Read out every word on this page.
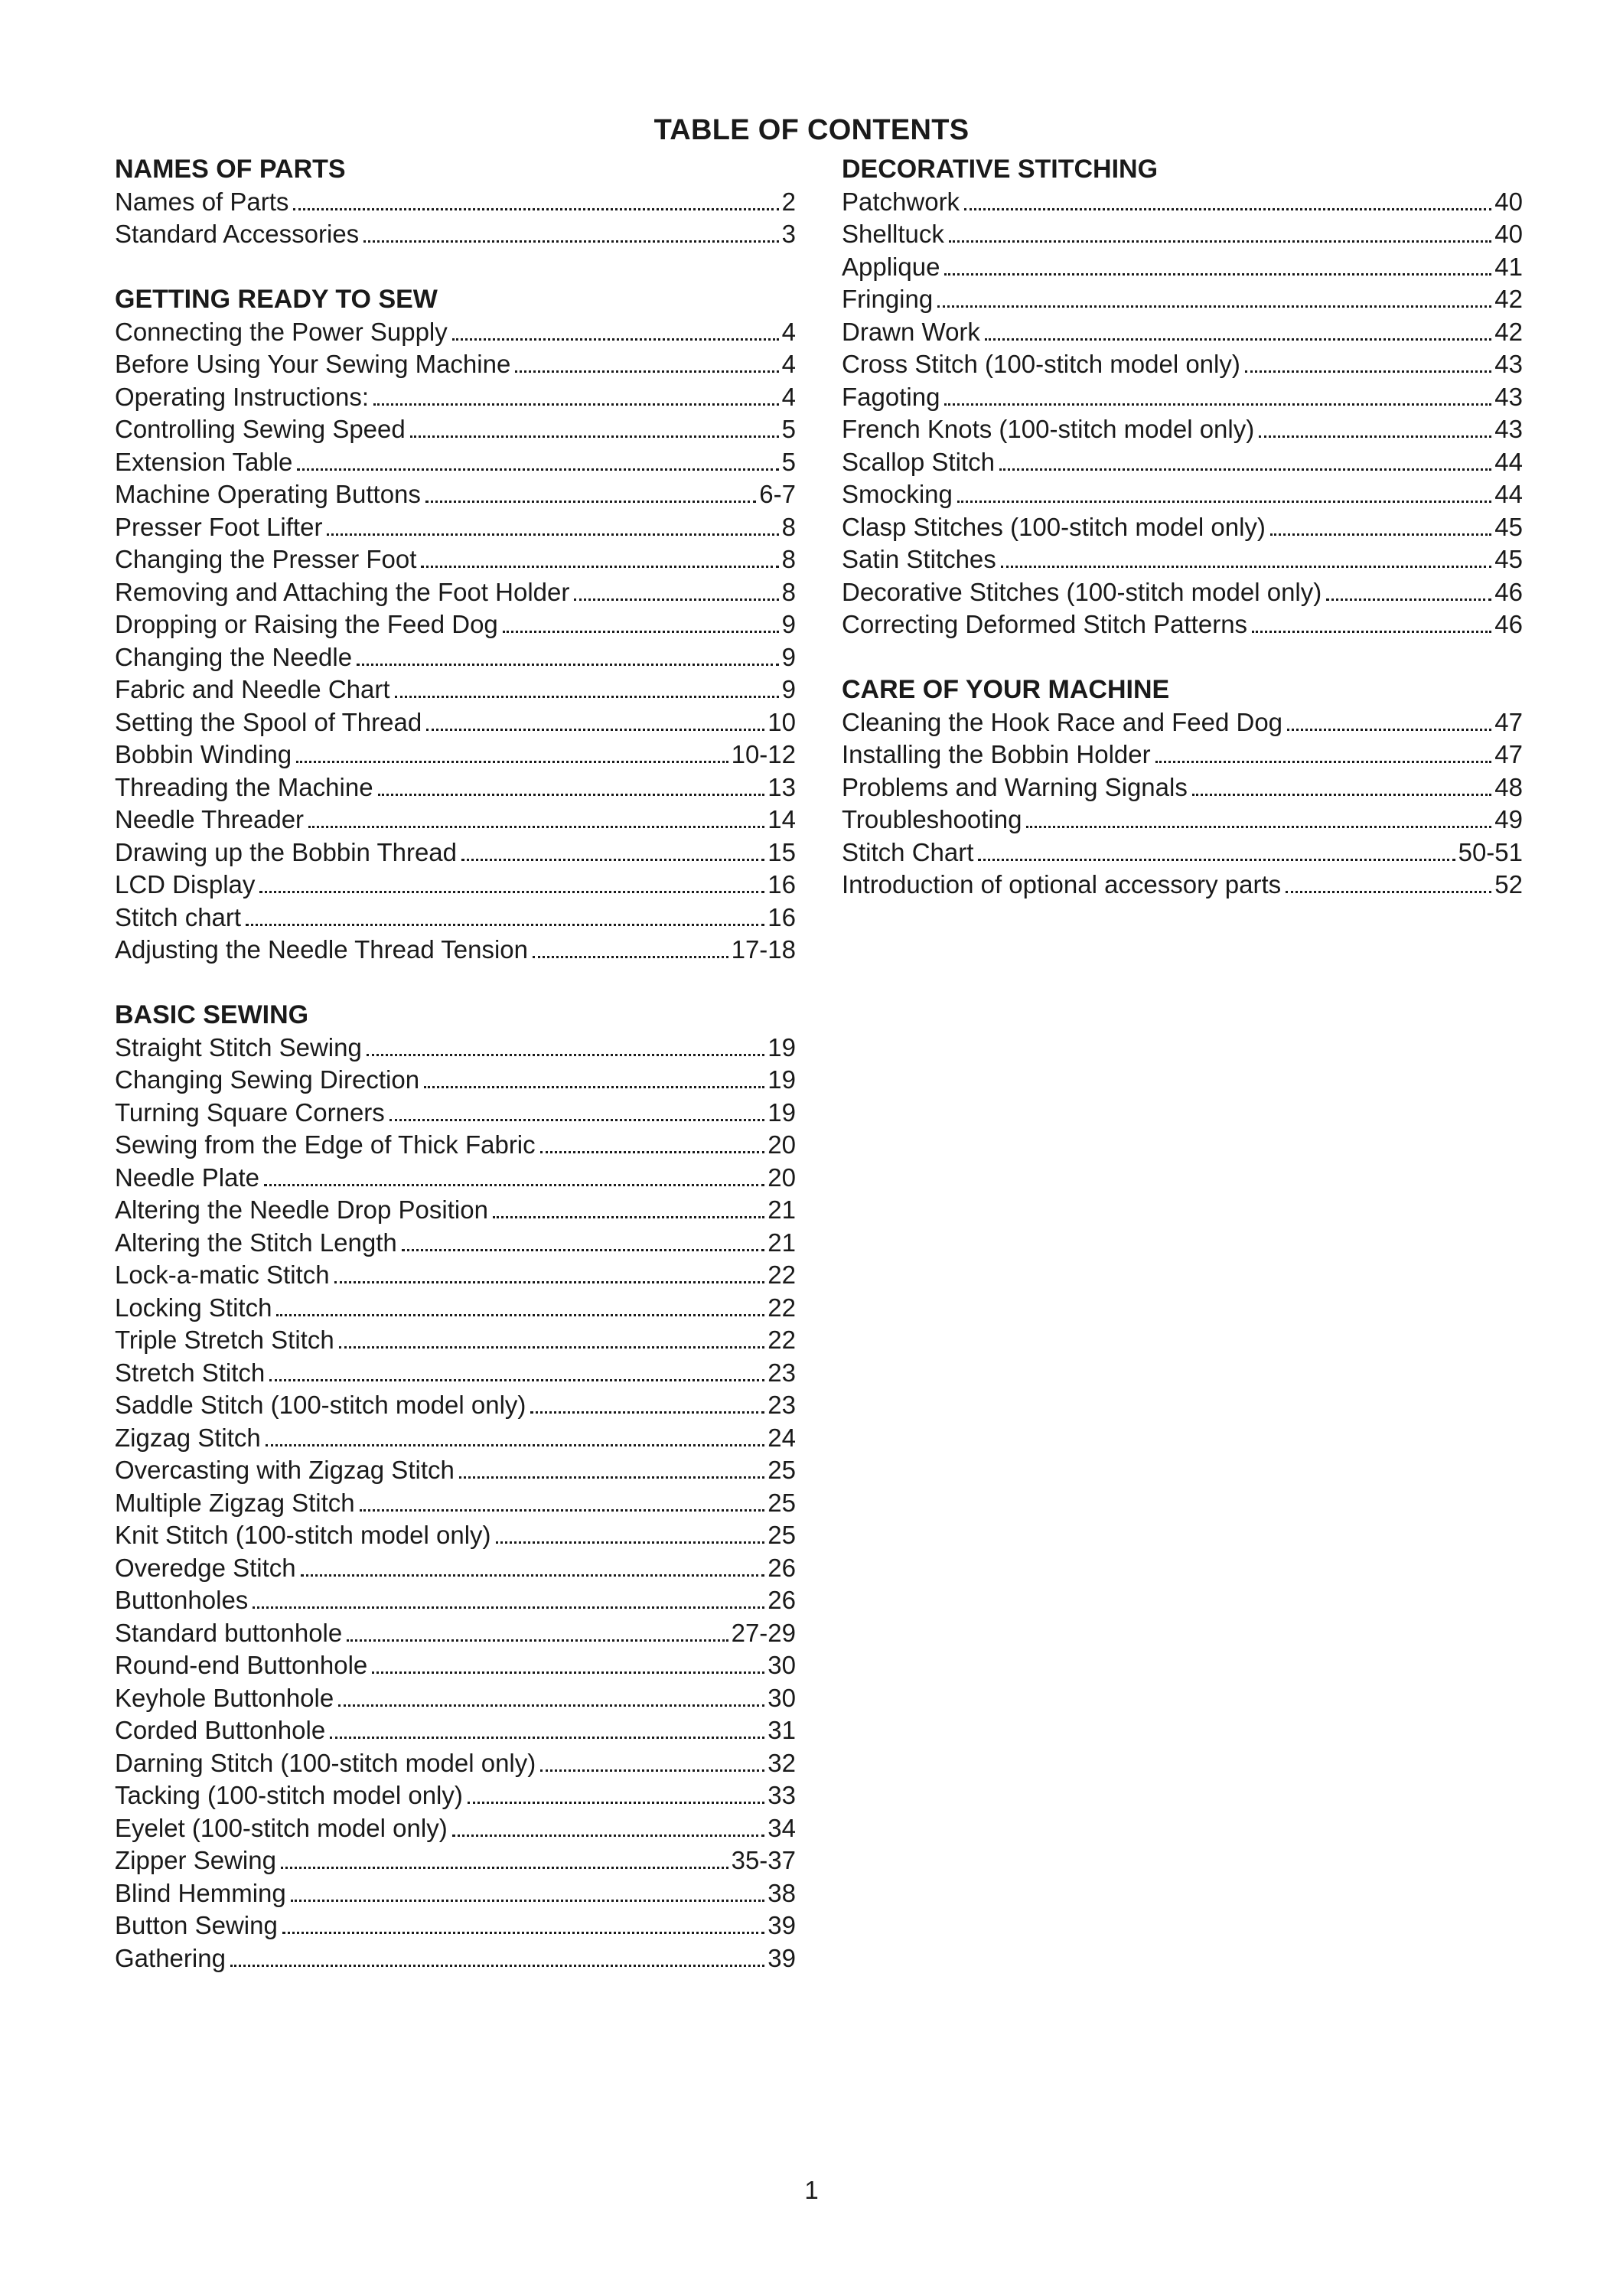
TABLE OF CONTENTS
NAMES OF PARTS
Names of Parts	2
Standard Accessories	3
GETTING READY TO SEW
Connecting the Power Supply	4
Before Using Your Sewing Machine	4
Operating Instructions:	4
Controlling Sewing Speed	5
Extension Table	5
Machine Operating Buttons	6-7
Presser Foot Lifter	8
Changing the Presser Foot	8
Removing and Attaching the Foot Holder	8
Dropping or Raising the Feed Dog	9
Changing the Needle	9
Fabric and Needle Chart	9
Setting the Spool of Thread	10
Bobbin Winding	10-12
Threading the Machine	13
Needle Threader	14
Drawing up the Bobbin Thread	15
LCD Display	16
Stitch chart	16
Adjusting the Needle Thread Tension	17-18
BASIC SEWING
Straight Stitch Sewing	19
Changing Sewing Direction	19
Turning Square Corners	19
Sewing from the Edge of Thick Fabric	20
Needle Plate	20
Altering the Needle Drop Position	21
Altering the Stitch Length	21
Lock-a-matic Stitch	22
Locking Stitch	22
Triple Stretch Stitch	22
Stretch Stitch	23
Saddle Stitch (100-stitch model only)	23
Zigzag Stitch	24
Overcasting with Zigzag Stitch	25
Multiple Zigzag Stitch	25
Knit Stitch (100-stitch model only)	25
Overedge Stitch	26
Buttonholes	26
Standard buttonhole	27-29
Round-end Buttonhole	30
Keyhole Buttonhole	30
Corded Buttonhole	31
Darning Stitch (100-stitch model only)	32
Tacking (100-stitch model only)	33
Eyelet (100-stitch model only)	34
Zipper Sewing	35-37
Blind Hemming	38
Button Sewing	39
Gathering	39
DECORATIVE STITCHING
Patchwork	40
Shelltuck	40
Applique	41
Fringing	42
Drawn Work	42
Cross Stitch (100-stitch model only)	43
Fagoting	43
French Knots (100-stitch model only)	43
Scallop Stitch	44
Smocking	44
Clasp Stitches (100-stitch model only)	45
Satin Stitches	45
Decorative Stitches (100-stitch model only)	46
Correcting Deformed Stitch Patterns	46
CARE OF YOUR MACHINE
Cleaning the Hook Race and Feed Dog	47
Installing the Bobbin Holder	47
Problems and Warning Signals	48
Troubleshooting	49
Stitch Chart	50-51
Introduction of optional accessory parts	52
1
